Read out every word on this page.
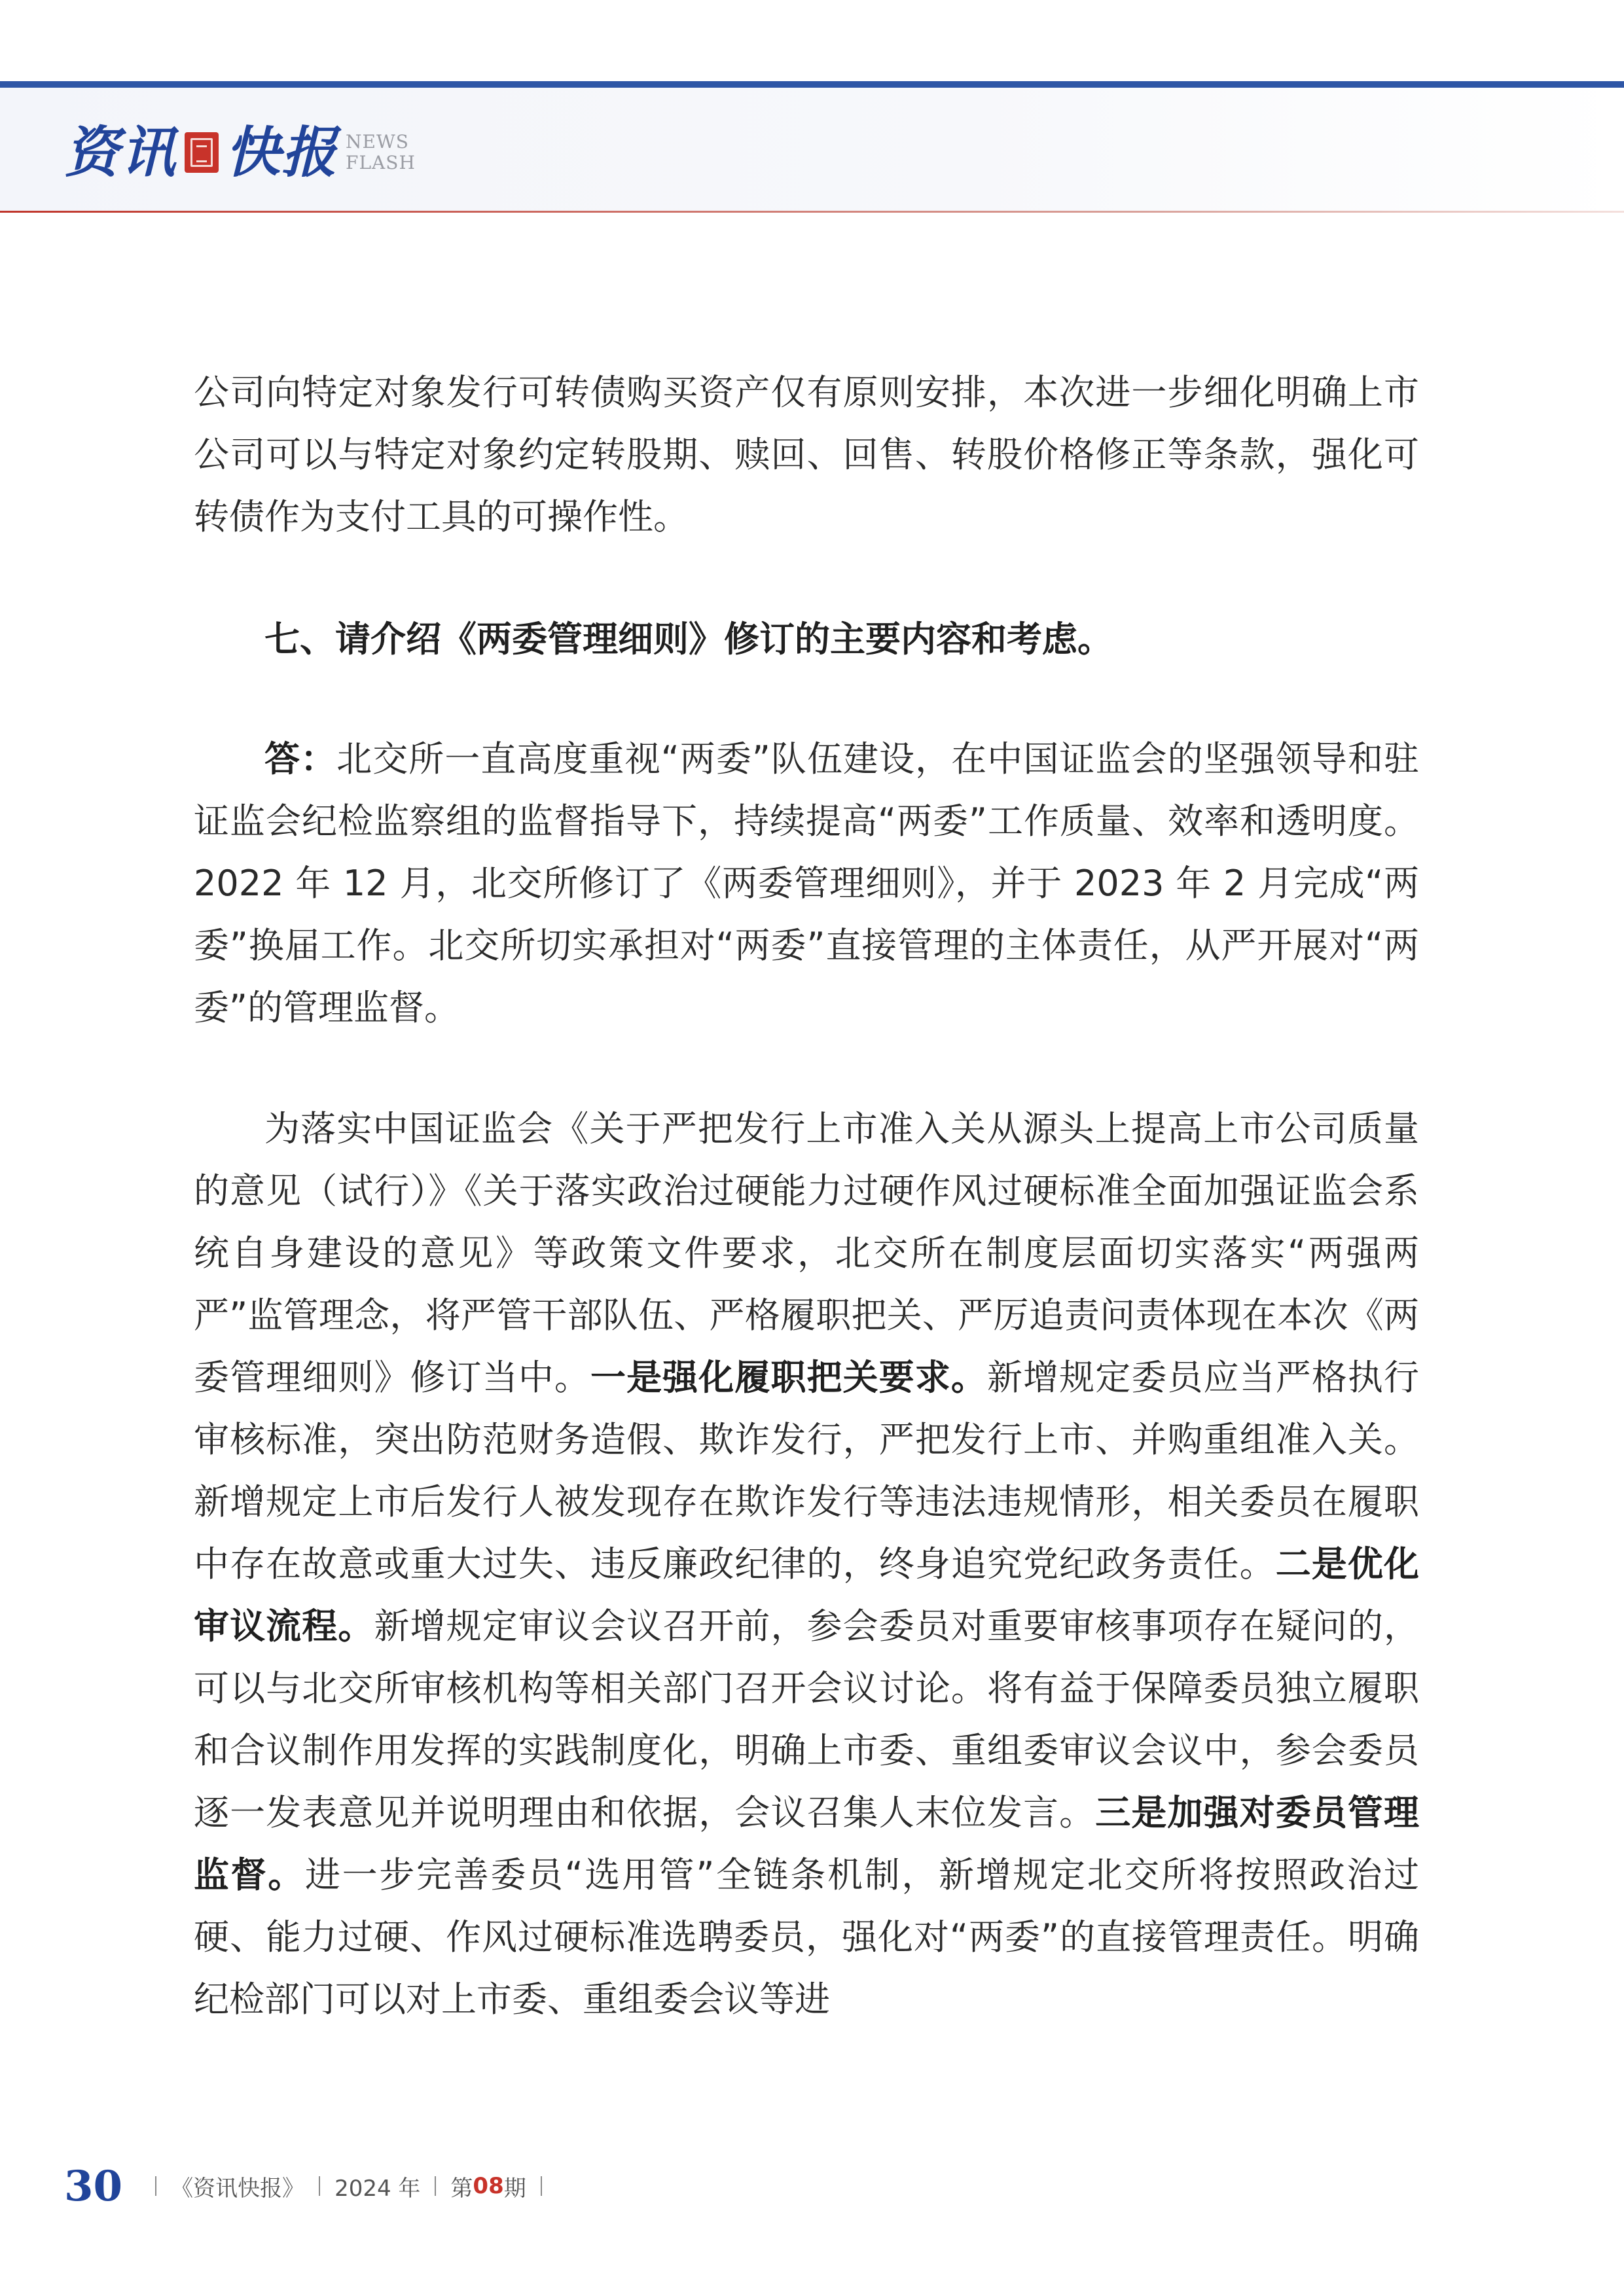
资讯 快报 NEWS
FLASH

公司向特定对象发行可转债购买资产仅有原则安排，本次进一步细化明确上市公司可以与特定对象约定转股期、赎回、回售、转股价格修正等条款，强化可转债作为支付工具的可操作性。

七、请介绍《两委管理细则》修订的主要内容和考虑。

答：北交所一直高度重视“两委”队伍建设，在中国证监会的坚强领导和驻证监会纪检监察组的监督指导下，持续提高“两委”工作质量、效率和透明度。2022 年 12 月，北交所修订了《两委管理细则》，并于 2023 年 2 月完成“两委”换届工作。北交所切实承担对“两委”直接管理的主体责任，从严开展对“两委”的管理监督。

为落实中国证监会《关于严把发行上市准入关从源头上提高上市公司质量的意见（试行）》《关于落实政治过硬能力过硬作风过硬标准全面加强证监会系统自身建设的意见》等政策文件要求，北交所在制度层面切实落实“两强两严”监管理念，将严管干部队伍、严格履职把关、严厉追责问责体现在本次《两委管理细则》修订当中。一是强化履职把关要求。新增规定委员应当严格执行审核标准，突出防范财务造假、欺诈发行，严把发行上市、并购重组准入关。新增规定上市后发行人被发现存在欺诈发行等违法违规情形，相关委员在履职中存在故意或重大过失、违反廉政纪律的，终身追究党纪政务责任。二是优化审议流程。新增规定审议会议召开前，参会委员对重要审核事项存在疑问的，可以与北交所审核机构等相关部门召开会议讨论。将有益于保障委员独立履职和合议制作用发挥的实践制度化，明确上市委、重组委审议会议中，参会委员逐一发表意见并说明理由和依据，会议召集人末位发言。三是加强对委员管理监督。进一步完善委员“选用管”全链条机制，新增规定北交所将按照政治过硬、能力过硬、作风过硬标准选聘委员，强化对“两委”的直接管理责任。明确纪检部门可以对上市委、重组委会议等进

30 《资讯快报》 2024 年 第 08 期
